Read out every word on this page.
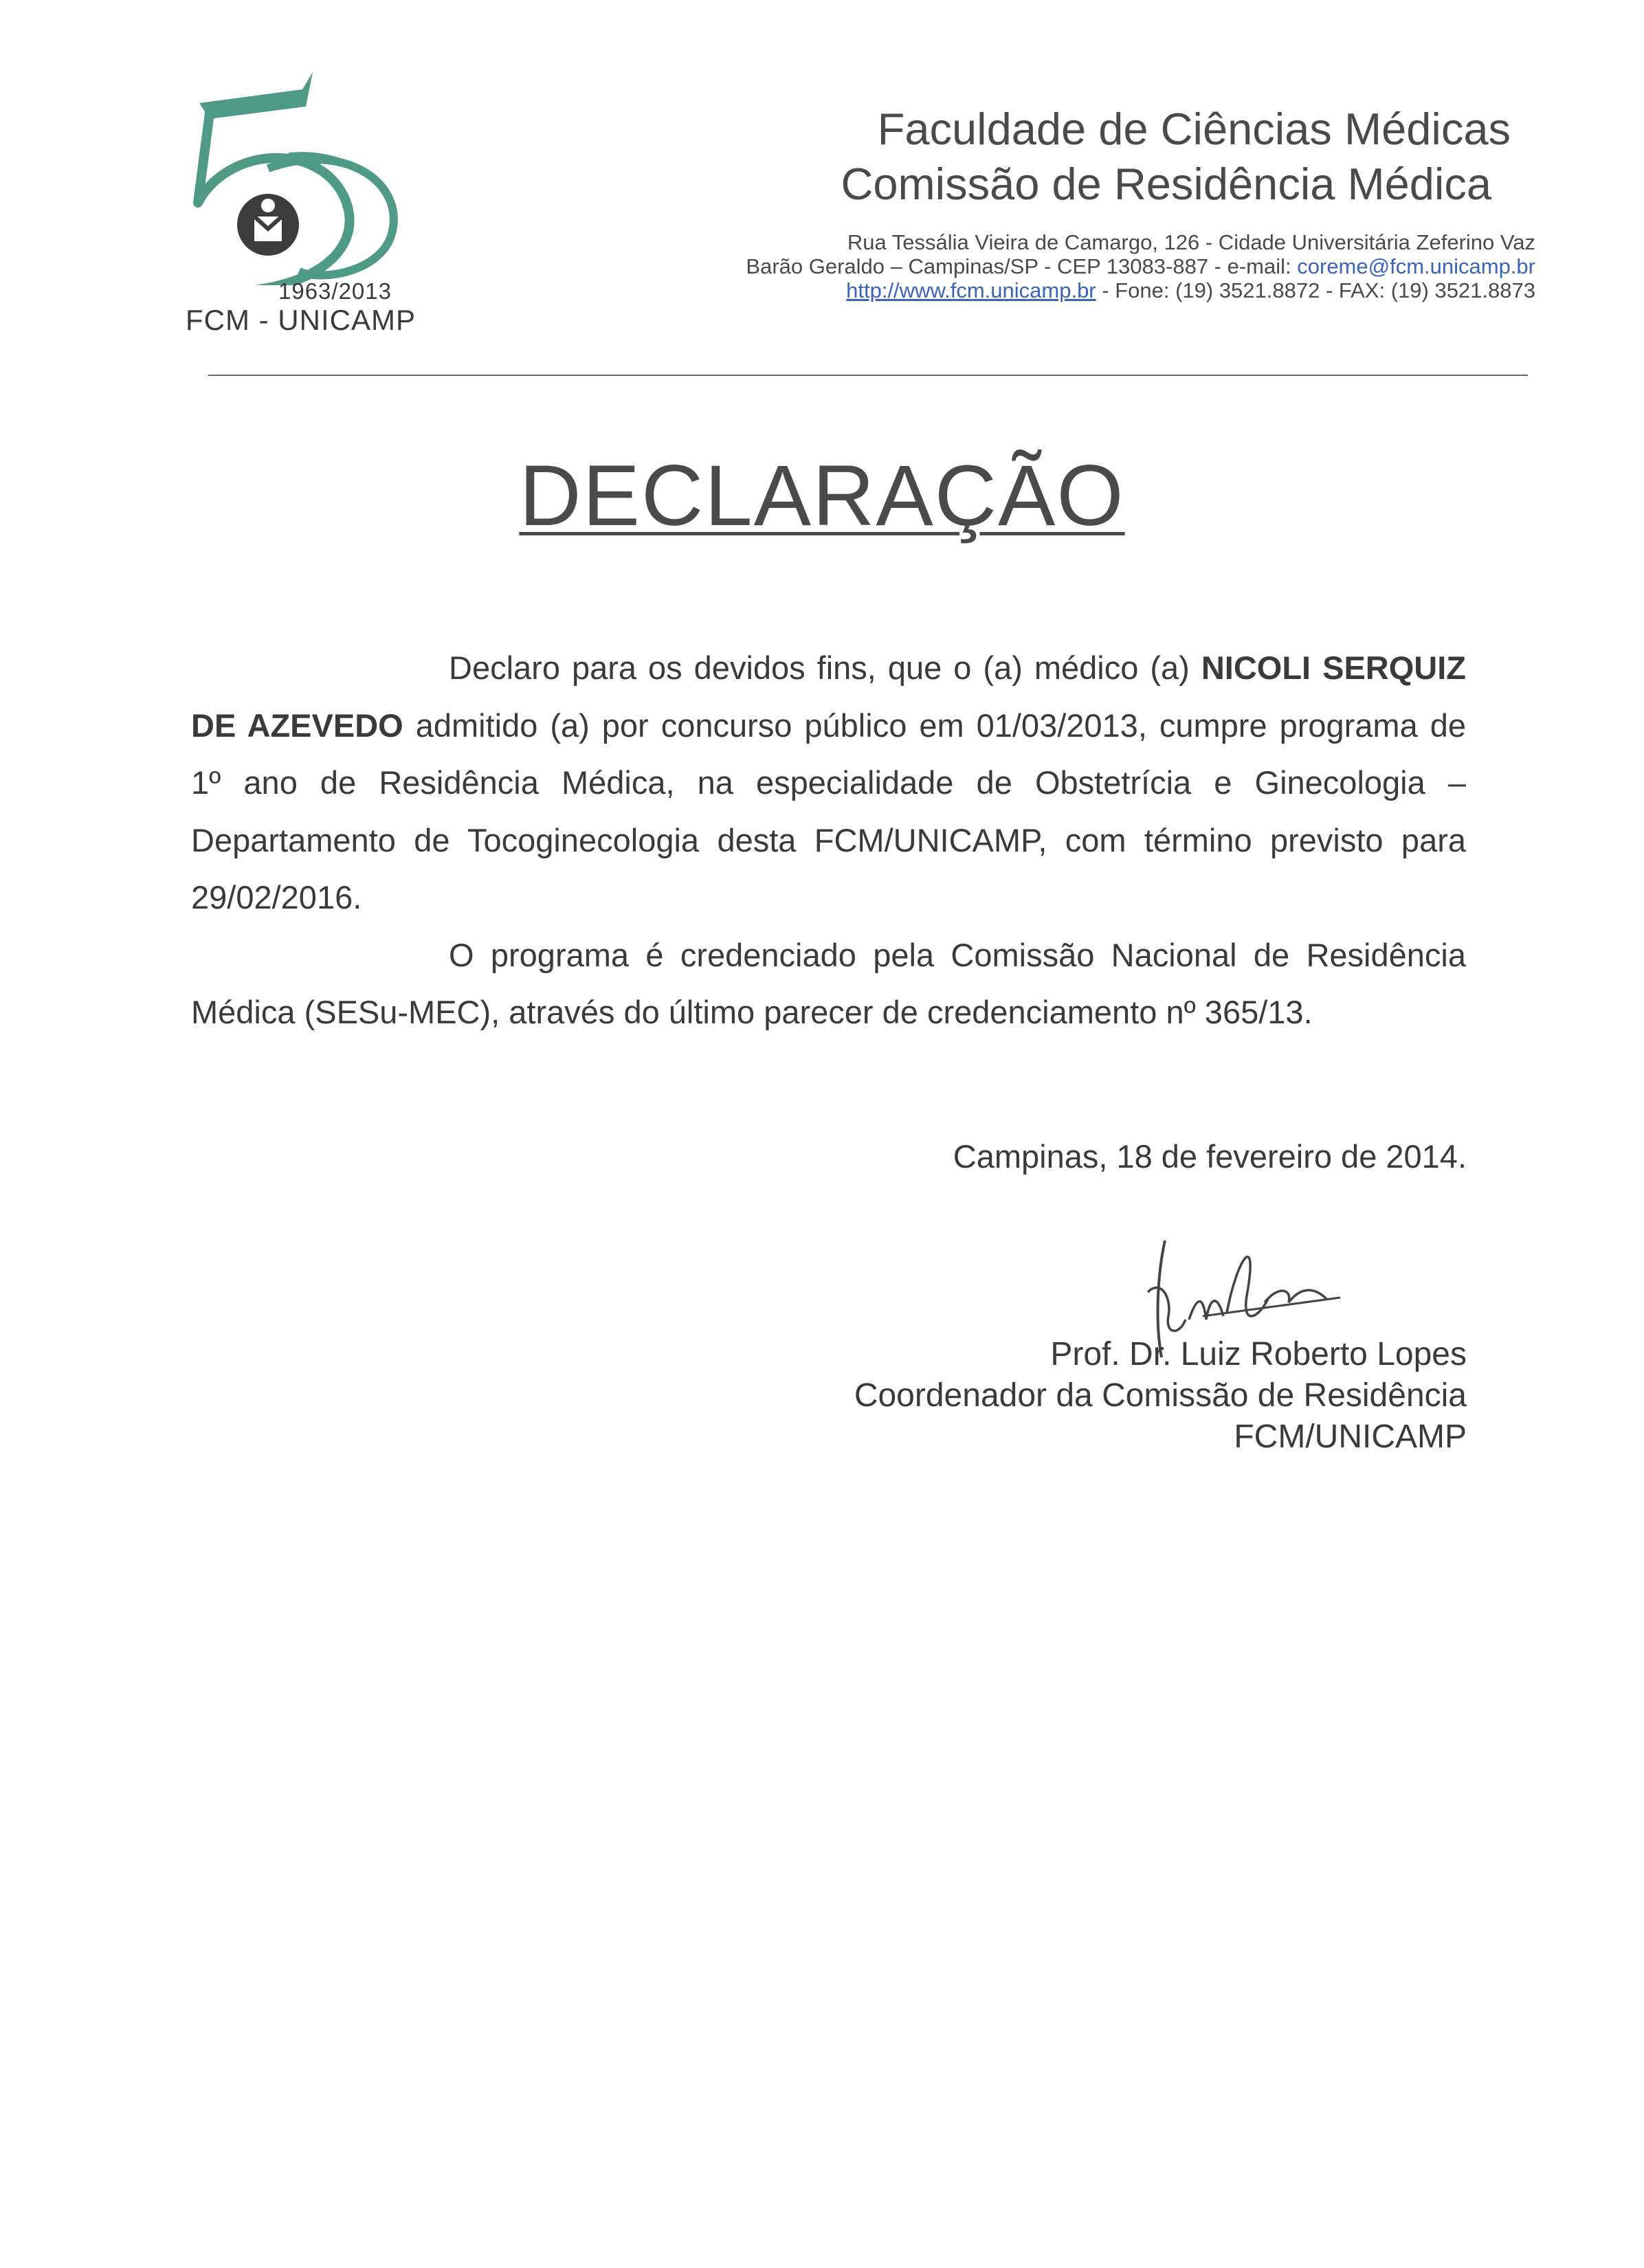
1963/2013
FCM - UNICAMP
Faculdade de Ciências Médicas
Comissão de Residência Médica
Rua Tessália Vieira de Camargo, 126 - Cidade Universitária Zeferino Vaz
Barão Geraldo – Campinas/SP - CEP 13083-887 - e-mail: coreme@fcm.unicamp.br
http://www.fcm.unicamp.br - Fone: (19) 3521.8872 - FAX: (19) 3521.8873
DECLARAÇÃO

Declaro para os devidos fins, que o (a) médico (a) NICOLI SERQUIZ DE AZEVEDO admitido (a) por concurso público em 01/03/2013, cumpre programa de 1º ano de Residência Médica, na especialidade de Obstetrícia e Ginecologia – Departamento de Tocoginecologia desta FCM/UNICAMP, com término previsto para 29/02/2016.

O programa é credenciado pela Comissão Nacional de Residência Médica (SESu-MEC), através do último parecer de credenciamento nº 365/13.

Campinas, 18 de fevereiro de 2014.
Prof. Dr. Luiz Roberto Lopes
Coordenador da Comissão de Residência
FCM/UNICAMP
